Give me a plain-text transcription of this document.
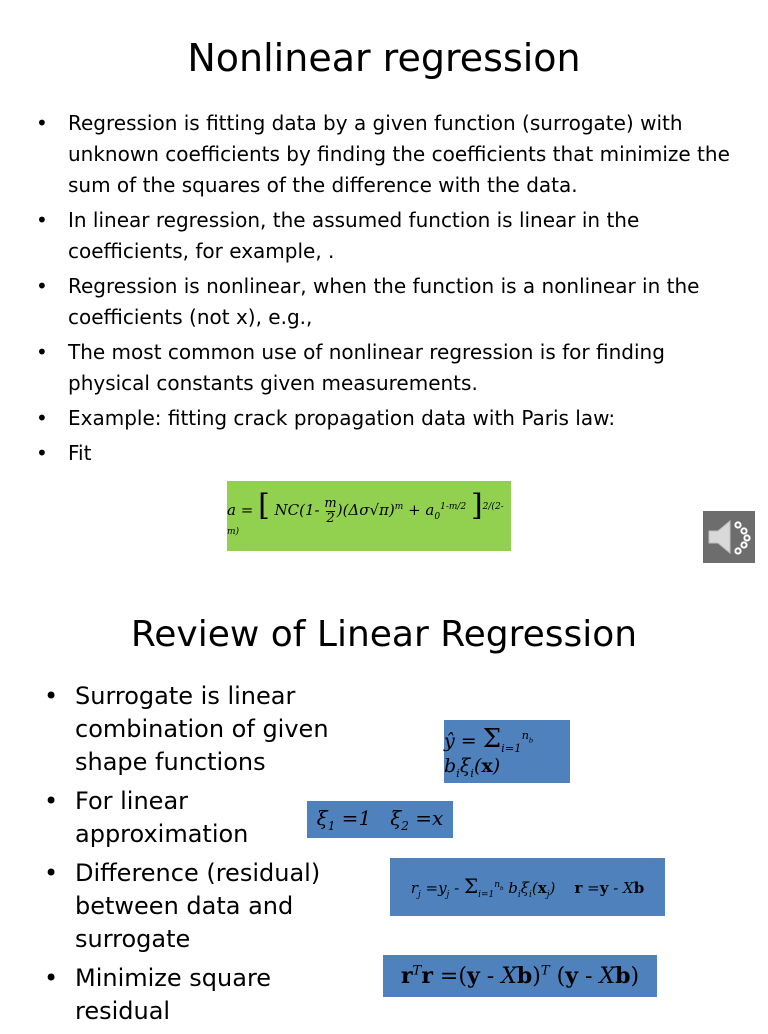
Nonlinear regression
• Regression is fitting data by a given function (surrogate) with unknown coefficients by finding the coefficients that minimize the sum of the squares of the difference with the data.
• In linear regression, the assumed function is linear in the coefficients, for example, .
• Regression is nonlinear, when the function is a nonlinear in the coefficients (not x), e.g.,
• The most common use of nonlinear regression is for finding physical constants given measurements.
• Example: fitting crack propagation data with Paris law:
• Fit
a = [ $NC(1- \frac{m}{2} )(\Delta\sigma√\pi)^m + a_0^{1-m/2}$ ]$^{2/(2-m)}$
Review of Linear Regression
• Surrogate is linear combination of given shape functions
• For linear approximation
• Difference (residual) between data and surrogate
• Minimize square residual
ŷ = $\Sigma_{i=1}^{n_b}$ $b_i\xi_i(x)$
$\xi_1 =1$   $\xi_2 =x$
$r_j =y_j - \Sigma_{i=1}^{n_b}$ $b_i\xi_i(x_j)$    r =y - Xb
$r^Tr =(y - Xb)^T$ (y - Xb)
